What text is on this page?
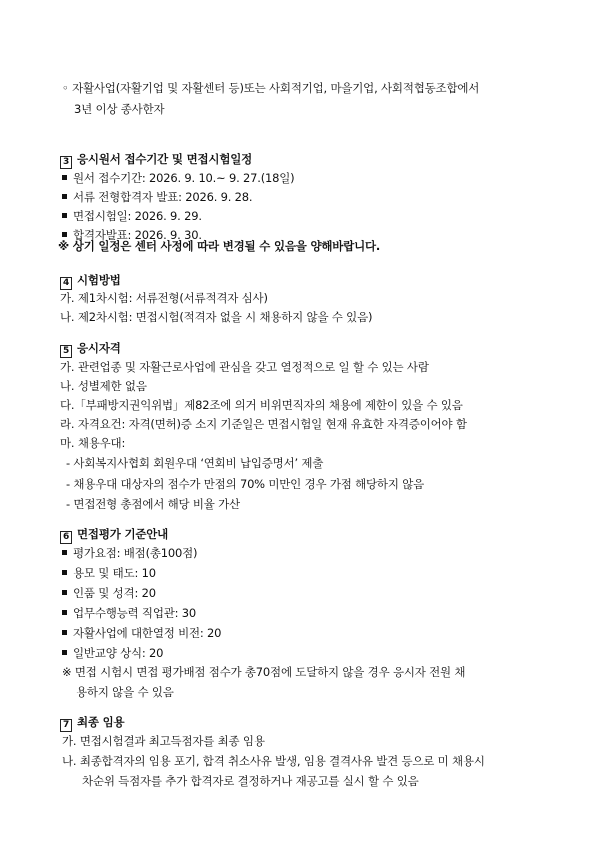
◦ 자활사업(자활기업 및 자활센터 등)또는 사회적기업, 마을기업, 사회적협동조합에서
3년 이상 종사한자
3 응시원서 접수기간 및 면접시험일정
원서 접수기간: 2026. 9. 10.~ 9. 27.(18일)
서류 전형합격자 발표: 2026. 9. 28.
면접시험일: 2026. 9. 29.
합격자발표: 2026. 9. 30.
※ 상기 일정은 센터 사정에 따라 변경될 수 있음을 양해바랍니다.
4 시험방법
가. 제1차시험: 서류전형(서류적격자 심사)
나. 제2차시험: 면접시험(적격자 없을 시 채용하지 않을 수 있음)
5 응시자격
가. 관련업종 및 자활근로사업에 관심을 갖고 열정적으로 일 할 수 있는 사람
나. 성별제한 없음
다.「부패방지권익위법」제82조에 의거 비위면직자의 채용에 제한이 있을 수 있음
라. 자격요건: 자격(면허)증 소지 기준일은 면접시험일 현재 유효한 자격증이어야 함
마. 채용우대:
- 사회복지사협회 회원우대 ‘연회비 납입증명서’ 제출
- 채용우대 대상자의 점수가 만점의 70% 미만인 경우 가점 해당하지 않음
- 면접전형 총점에서 해당 비율 가산
6 면접평가 기준안내
평가요점: 배점(총100점)
용모 및 태도: 10
인품 및 성격: 20
업무수행능력 직업관: 30
자활사업에 대한열정 비전: 20
일반교양 상식: 20
※ 면접 시험시 면접 평가배점 점수가 총70점에 도달하지 않을 경우 응시자 전원 채
용하지 않을 수 있음
7 최종 임용
가. 면접시험결과 최고득점자를 최종 임용
나. 최종합격자의 임용 포기, 합격 취소사유 발생, 임용 결격사유 발견 등으로 미 채용시
차순위 득점자를 추가 합격자로 결정하거나 재공고를 실시 할 수 있음
